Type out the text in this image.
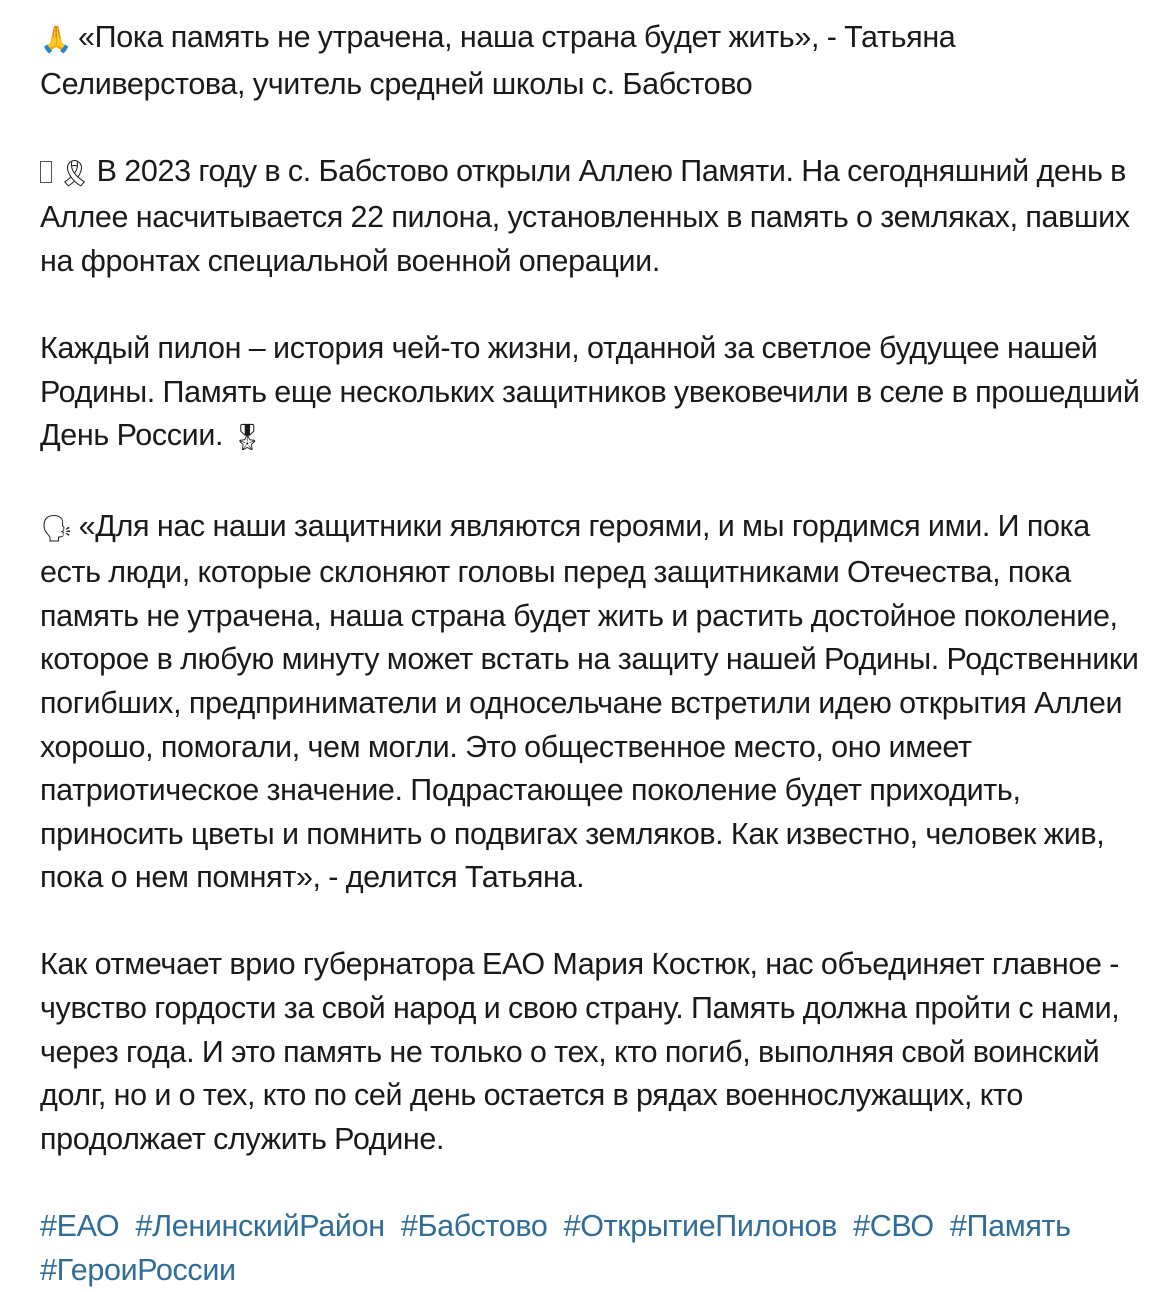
🙏 «Пока память не утрачена, наша страна будет жить», - Татьяна Селиверстова, учитель средней школы с. Бабстово

🎗 В 2023 году в с. Бабстово открыли Аллею Памяти. На сегодняшний день в Аллее насчитывается 22 пилона, установленных в память о земляках, павших на фронтах специальной военной операции.

Каждый пилон – история чей-то жизни, отданной за светлое будущее нашей Родины. Память еще нескольких защитников увековечили в селе в прошедший День России. 🎖

🗣 «Для нас наши защитники являются героями, и мы гордимся ими. И пока есть люди, которые склоняют головы перед защитниками Отечества, пока память не утрачена, наша страна будет жить и растить достойное поколение, которое в любую минуту может встать на защиту нашей Родины. Родственники погибших, предприниматели и односельчане встретили идею открытия Аллеи хорошо, помогали, чем могли. Это общественное место, оно имеет патриотическое значение. Подрастающее поколение будет приходить, приносить цветы и помнить о подвигах земляков. Как известно, человек жив, пока о нем помнят», - делится Татьяна.

Как отмечает врио губернатора ЕАО Мария Костюк, нас объединяет главное - чувство гордости за свой народ и свою страну. Память должна пройти с нами, через года. И это память не только о тех, кто погиб, выполняя свой воинский долг, но и о тех, кто по сей день остается в рядах военнослужащих, кто продолжает служить Родине.

#ЕАО #ЛенинскийРайон #Бабстово #ОткрытиеПилонов #СВО #Память #ГероиРоссии
